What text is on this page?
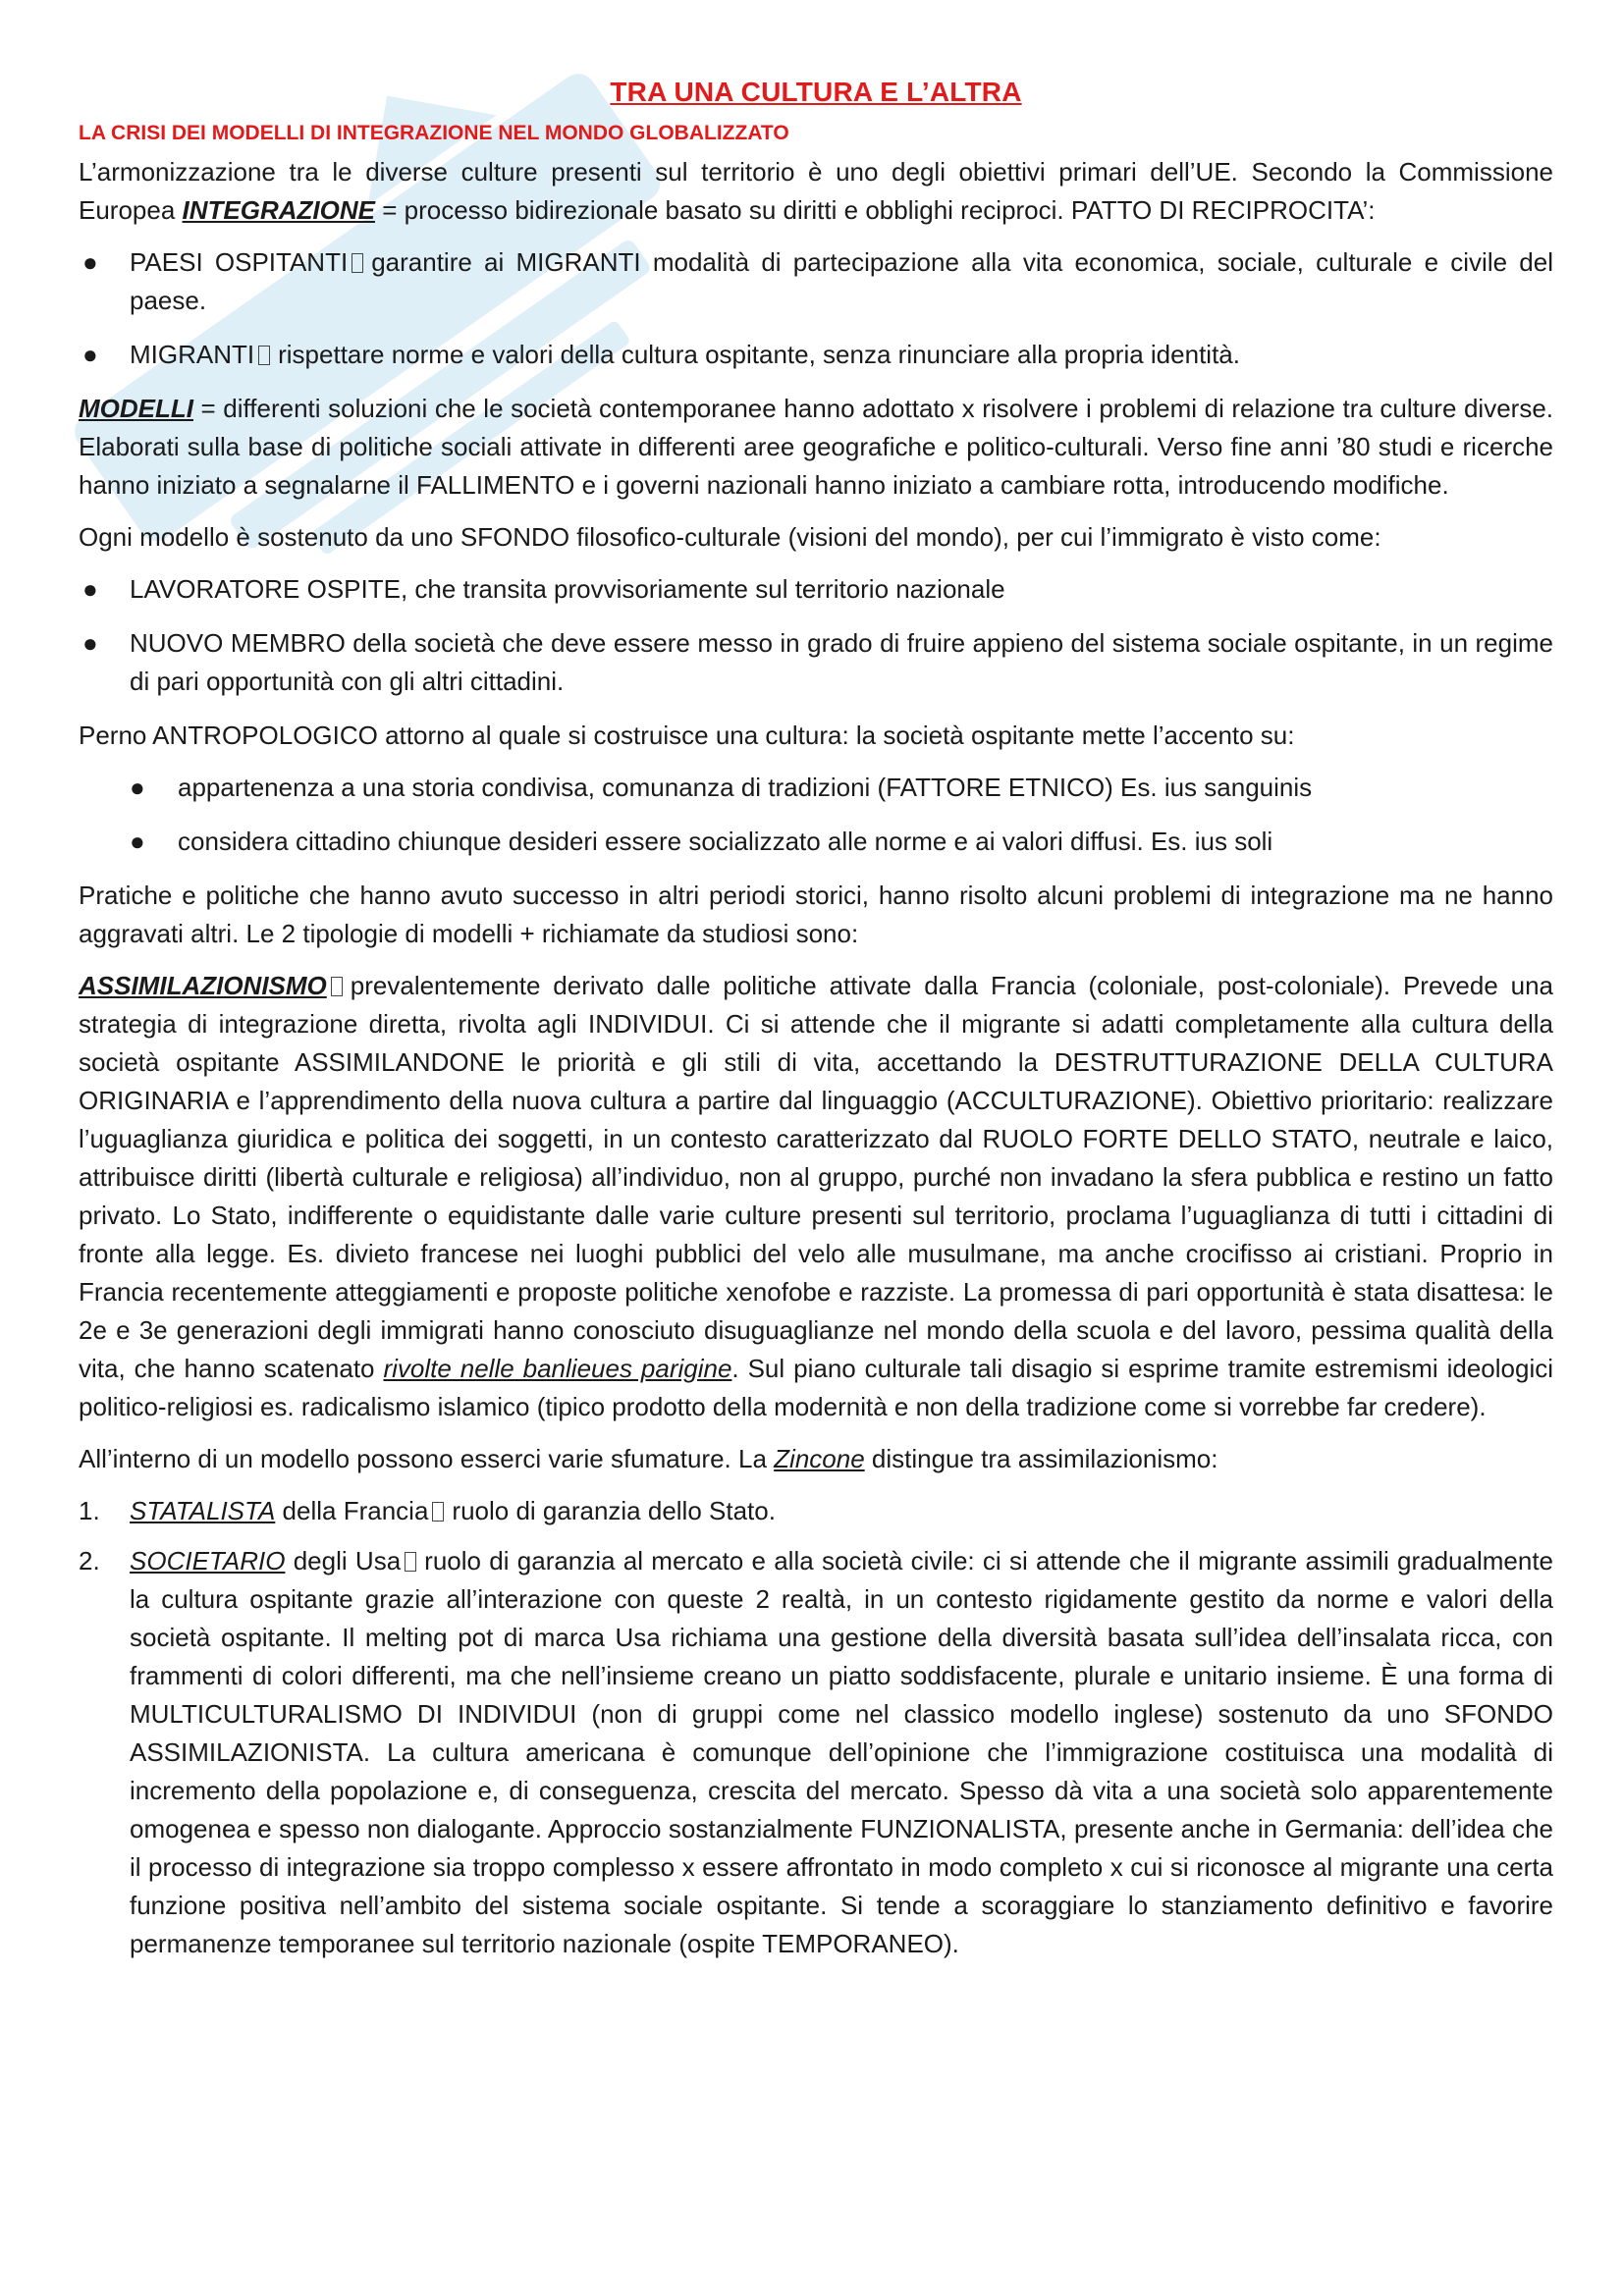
TRA UNA CULTURA E L’ALTRA
LA CRISI DEI MODELLI DI INTEGRAZIONE NEL MONDO GLOBALIZZATO

L’armonizzazione tra le diverse culture presenti sul territorio è uno degli obiettivi primari dell’UE. Secondo la Commissione Europea INTEGRAZIONE = processo bidirezionale basato su diritti e obblighi reciproci. PATTO DI RECIPROCITA’:

● PAESI OSPITANTI garantire ai MIGRANTI modalità di partecipazione alla vita economica, sociale, culturale e civile del paese.
● MIGRANTI rispettare norme e valori della cultura ospitante, senza rinunciare alla propria identità.

MODELLI = differenti soluzioni che le società contemporanee hanno adottato x risolvere i problemi di relazione tra culture diverse. Elaborati sulla base di politiche sociali attivate in differenti aree geografiche e politico-culturali. Verso fine anni ’80 studi e ricerche hanno iniziato a segnalarne il FALLIMENTO e i governi nazionali hanno iniziato a cambiare rotta, introducendo modifiche.

Ogni modello è sostenuto da uno SFONDO filosofico-culturale (visioni del mondo), per cui l’immigrato è visto come:

● LAVORATORE OSPITE, che transita provvisoriamente sul territorio nazionale
● NUOVO MEMBRO della società che deve essere messo in grado di fruire appieno del sistema sociale ospitante, in un regime di pari opportunità con gli altri cittadini.

Perno ANTROPOLOGICO attorno al quale si costruisce una cultura: la società ospitante mette l’accento su:

● appartenenza a una storia condivisa, comunanza di tradizioni (FATTORE ETNICO) Es. ius sanguinis
● considera cittadino chiunque desideri essere socializzato alle norme e ai valori diffusi. Es. ius soli

Pratiche e politiche che hanno avuto successo in altri periodi storici, hanno risolto alcuni problemi di integrazione ma ne hanno aggravati altri. Le 2 tipologie di modelli + richiamate da studiosi sono:

ASSIMILAZIONISMO prevalentemente derivato dalle politiche attivate dalla Francia (coloniale, post-coloniale). Prevede una strategia di integrazione diretta, rivolta agli INDIVIDUI. Ci si attende che il migrante si adatti completamente alla cultura della società ospitante ASSIMILANDONE le priorità e gli stili di vita, accettando la DESTRUTTURAZIONE DELLA CULTURA ORIGINARIA e l’apprendimento della nuova cultura a partire dal linguaggio (ACCULTURAZIONE). Obiettivo prioritario: realizzare l’uguaglianza giuridica e politica dei soggetti, in un contesto caratterizzato dal RUOLO FORTE DELLO STATO, neutrale e laico, attribuisce diritti (libertà culturale e religiosa) all’individuo, non al gruppo, purché non invadano la sfera pubblica e restino un fatto privato. Lo Stato, indifferente o equidistante dalle varie culture presenti sul territorio, proclama l’uguaglianza di tutti i cittadini di fronte alla legge. Es. divieto francese nei luoghi pubblici del velo alle musulmane, ma anche crocifisso ai cristiani. Proprio in Francia recentemente atteggiamenti e proposte politiche xenofobe e razziste. La promessa di pari opportunità è stata disattesa: le 2e e 3e generazioni degli immigrati hanno conosciuto disuguaglianze nel mondo della scuola e del lavoro, pessima qualità della vita, che hanno scatenato rivolte nelle banlieues parigine. Sul piano culturale tali disagio si esprime tramite estremismi ideologici politico-religiosi es. radicalismo islamico (tipico prodotto della modernità e non della tradizione come si vorrebbe far credere).

All’interno di un modello possono esserci varie sfumature. La Zincone distingue tra assimilazionismo:

1. STATALISTA della Francia ruolo di garanzia dello Stato.
2. SOCIETARIO degli Usa ruolo di garanzia al mercato e alla società civile: ci si attende che il migrante assimili gradualmente la cultura ospitante grazie all’interazione con queste 2 realtà, in un contesto rigidamente gestito da norme e valori della società ospitante. Il melting pot di marca Usa richiama una gestione della diversità basata sull’idea dell’insalata ricca, con frammenti di colori differenti, ma che nell’insieme creano un piatto soddisfacente, plurale e unitario insieme. È una forma di MULTICULTURALISMO DI INDIVIDUI (non di gruppi come nel classico modello inglese) sostenuto da uno SFONDO ASSIMILAZIONISTA. La cultura americana è comunque dell’opinione che l’immigrazione costituisca una modalità di incremento della popolazione e, di conseguenza, crescita del mercato. Spesso dà vita a una società solo apparentemente omogenea e spesso non dialogante. Approccio sostanzialmente FUNZIONALISTA, presente anche in Germania: dell’idea che il processo di integrazione sia troppo complesso x essere affrontato in modo completo x cui si riconosce al migrante una certa funzione positiva nell’ambito del sistema sociale ospitante. Si tende a scoraggiare lo stanziamento definitivo e favorire permanenze temporanee sul territorio nazionale (ospite TEMPORANEO).
